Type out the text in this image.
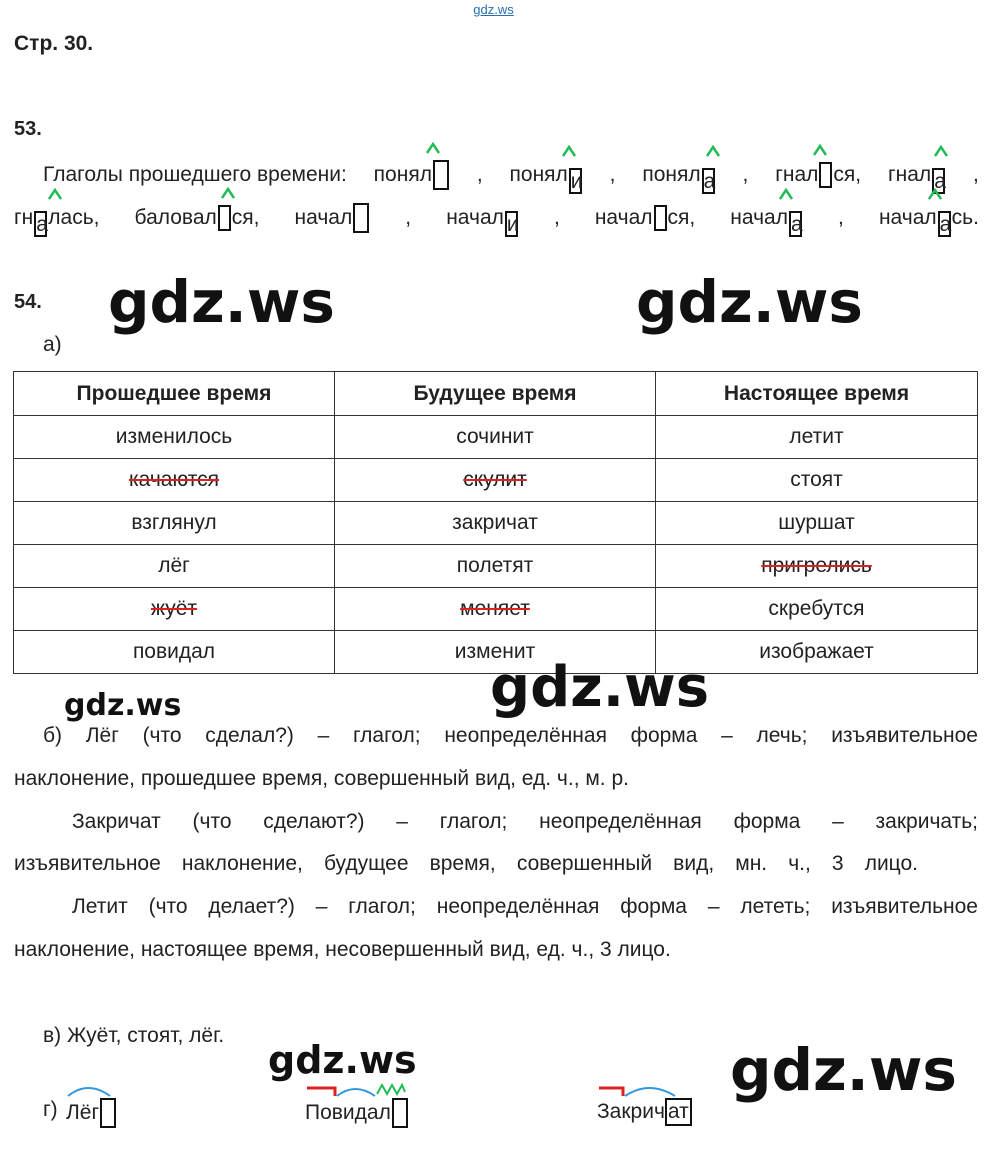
gdz.ws
Стр. 30.
53.
Глаголы прошедшего времени: понял	, понял и , понял а , гнал ся, гнал а ,
гн алась, баловал ся, начал	, начал и , начал ся, начал а , начал ась.
54. gdz.ws	gdz.ws
а)
Прошедшее время	Будущее время	Настоящее время
изменилось	сочинит	летит
качаются	скулит	стоят
взглянул	закричат	шуршат
лёг	полетят	пригрелись
жуёт	меняет	скребутся
повидал	изменит	изображает
gdz.ws
gdz.ws
б) Лёг (что сделал?) – глагол; неопределённая форма – лечь; изъявительное
наклонение, прошедшее время, совершенный вид, ед. ч., м. р.
Закричат (что сделают?) – глагол; неопределённая форма – закричать;
изъявительное наклонение, будущее время, совершенный вид, мн. ч., 3 лицо.
Летит (что делает?) – глагол; неопределённая форма – лететь; изъявительное
наклонение, настоящее время, несовершенный вид, ед. ч., 3 лицо.
в) Жуёт, стоят, лёг.
gdz.ws	gdz.ws
г) Лёг	Повидал	Закрич ат
